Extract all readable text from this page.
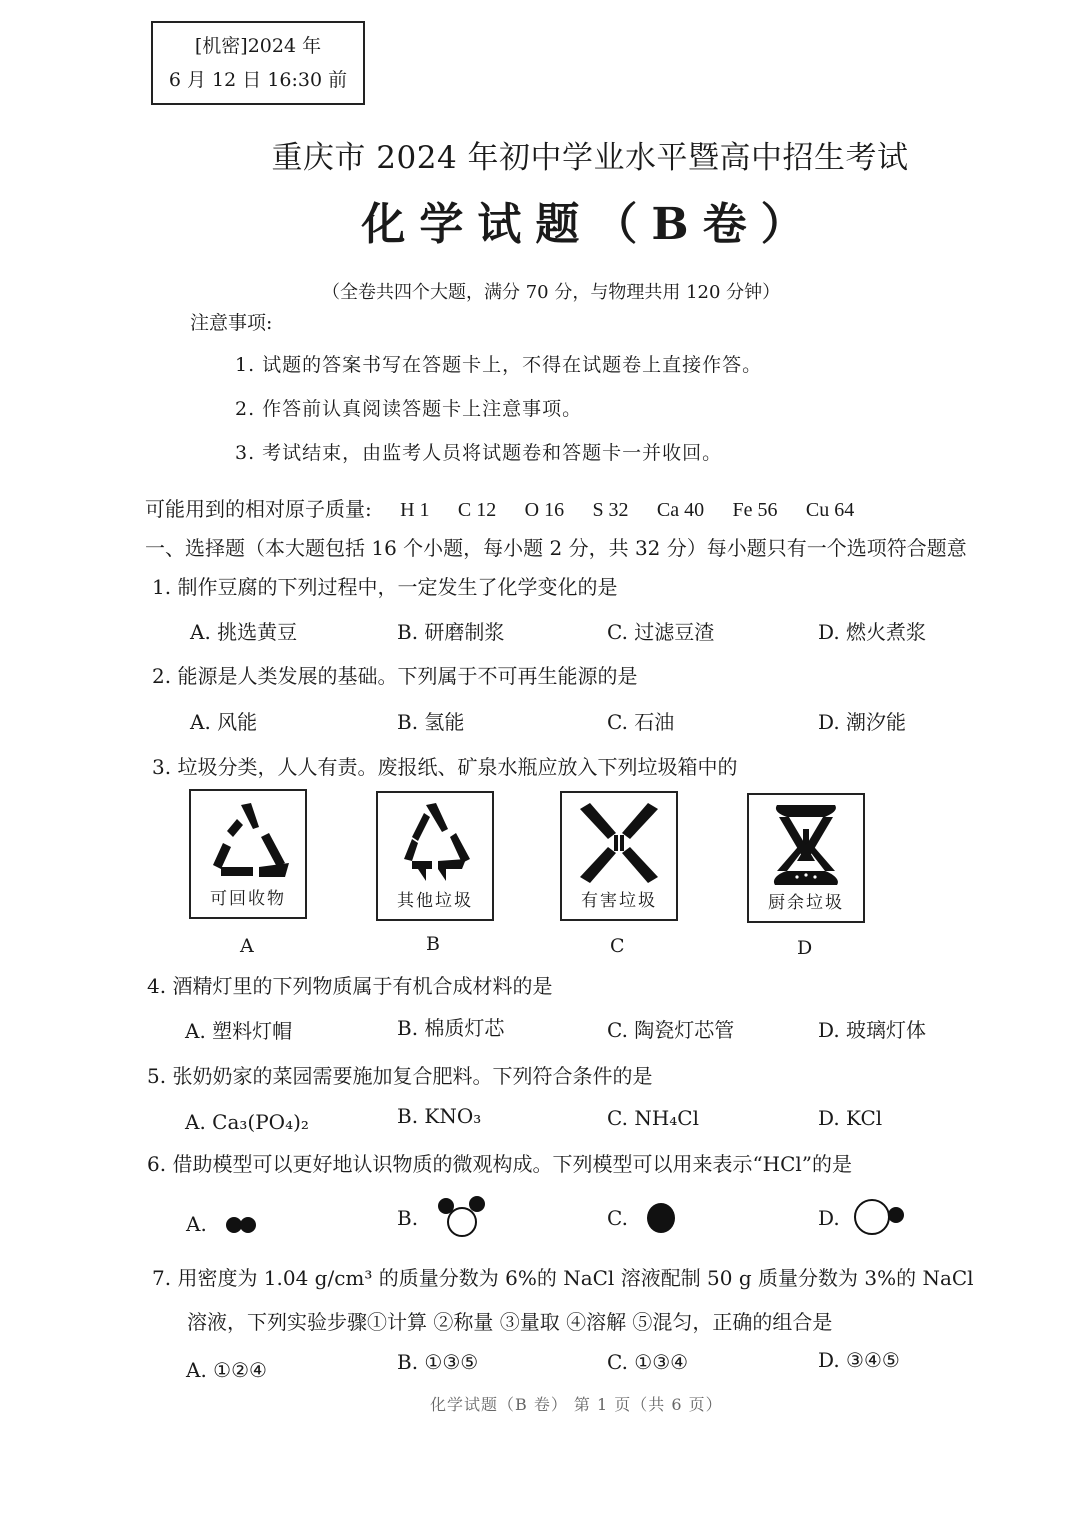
[机密]2024 年
6 月 12 日 16:30 前
重庆市 2024 年初中学业水平暨高中招生考试
化学试题（B卷）
（全卷共四个大题，满分 70 分，与物理共用 120 分钟）
注意事项:
1. 试题的答案书写在答题卡上，不得在试题卷上直接作答。
2. 作答前认真阅读答题卡上注意事项。
3. 考试结束，由监考人员将试题卷和答题卡一并收回。
可能用到的相对原子质量: H 1 C 12 O 16 S 32 Ca 40 Fe 56 Cu 64
一、选择题（本大题包括 16 个小题，每小题 2 分，共 32 分）每小题只有一个选项符合题意
1. 制作豆腐的下列过程中，一定发生了化学变化的是
A. 挑选黄豆	B. 研磨制浆	C. 过滤豆渣	D. 燃火煮浆
2. 能源是人类发展的基础。下列属于不可再生能源的是
A. 风能	B. 氢能	C. 石油	D. 潮汐能
3. 垃圾分类，人人有责。废报纸、矿泉水瓶应放入下列垃圾箱中的
可回收物	其他垃圾	有害垃圾	厨余垃圾
A	B	C	D
4. 酒精灯里的下列物质属于有机合成材料的是
A. 塑料灯帽	B. 棉质灯芯	C. 陶瓷灯芯管	D. 玻璃灯体
5. 张奶奶家的菜园需要施加复合肥料。下列符合条件的是
A. Ca₃(PO₄)₂	B. KNO₃	C. NH₄Cl	D. KCl
6. 借助模型可以更好地认识物质的微观构成。下列模型可以用来表示“HCl”的是
A.	B.	C.	D.
7. 用密度为 1.04 g/cm³ 的质量分数为 6%的 NaCl 溶液配制 50 g 质量分数为 3%的 NaCl
溶液，下列实验步骤①计算 ②称量 ③量取 ④溶解 ⑤混匀，正确的组合是
A. ①②④	B. ①③⑤	C. ①③④	D. ③④⑤
化学试题（B 卷） 第 1 页（共 6 页）
